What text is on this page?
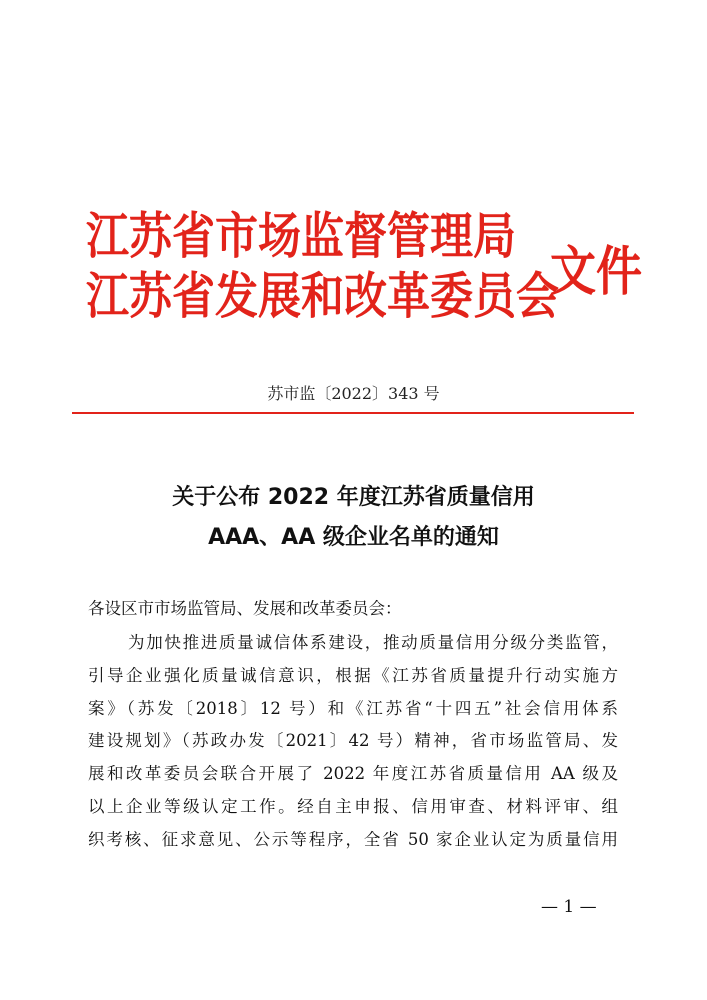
江苏省市场监督管理局
江苏省发展和改革委员会
文件
苏市监〔2022〕343 号
关于公布 2022 年度江苏省质量信用
AAA、AA 级企业名单的通知
各设区市市场监管局、发展和改革委员会：
为加快推进质量诚信体系建设，推动质量信用分级分类监管，
引导企业强化质量诚信意识，根据《江苏省质量提升行动实施方
案》（苏发〔2018〕12 号）和《江苏省“十四五”社会信用体系
建设规划》（苏政办发〔2021〕42 号）精神，省市场监管局、发
展和改革委员会联合开展了 2022 年度江苏省质量信用 AA 级及
以上企业等级认定工作。经自主申报、信用审查、材料评审、组
织考核、征求意见、公示等程序，全省 50 家企业认定为质量信用
— 1 —
